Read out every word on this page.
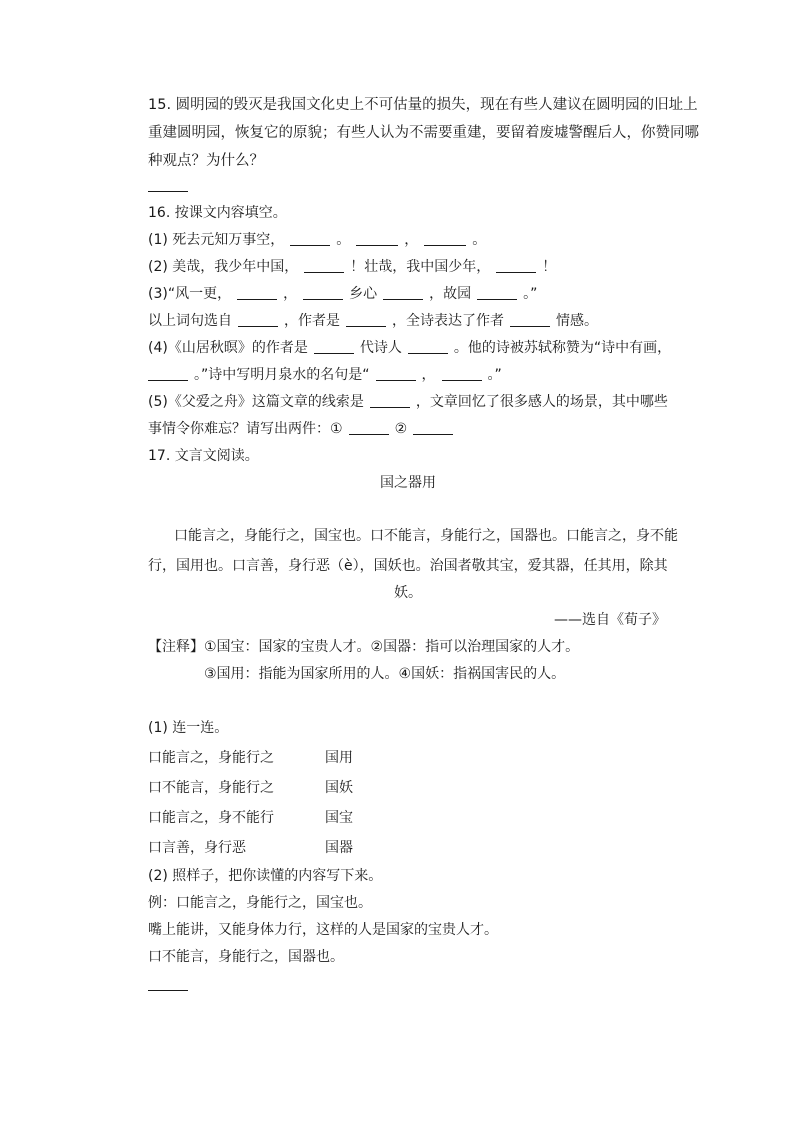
15. 圆明园的毁灭是我国文化史上不可估量的损失，现在有些人建议在圆明园的旧址上
重建圆明园，恢复它的原貌；有些人认为不需要重建，要留着废墟警醒后人，你赞同哪
种观点？为什么？
16. 按课文内容填空。
(1) 死去元知万事空，	。	，	。
(2) 美哉，我少年中国，	！壮哉，我中国少年，	！
(3)“风一更，	，	乡心	，故园	。”
以上词句选自	，作者是	，全诗表达了作者	情感。
(4)《山居秋暝》的作者是	代诗人	。他的诗被苏轼称赞为“诗中有画，
。”诗中写明月泉水的名句是“	，	。”
(5)《父爱之舟》这篇文章的线索是	，文章回忆了很多感人的场景，其中哪些
事情令你难忘？请写出两件：①	②
17. 文言文阅读。
国之器用
口能言之，身能行之，国宝也。口不能言，身能行之，国器也。口能言之，身不能
行，国用也。口言善，身行恶（è），国妖也。治国者敬其宝，爱其器，任其用，除其
妖。
——选自《荀子》
【注释】①国宝：国家的宝贵人才。②国器：指可以治理国家的人才。
③国用：指能为国家所用的人。④国妖：指祸国害民的人。
(1) 连一连。
口能言之，身能行之	国用
口不能言，身能行之	国妖
口能言之，身不能行	国宝
口言善，身行恶	国器
(2) 照样子，把你读懂的内容写下来。
例：口能言之，身能行之，国宝也。
嘴上能讲，又能身体力行，这样的人是国家的宝贵人才。
口不能言，身能行之，国器也。
